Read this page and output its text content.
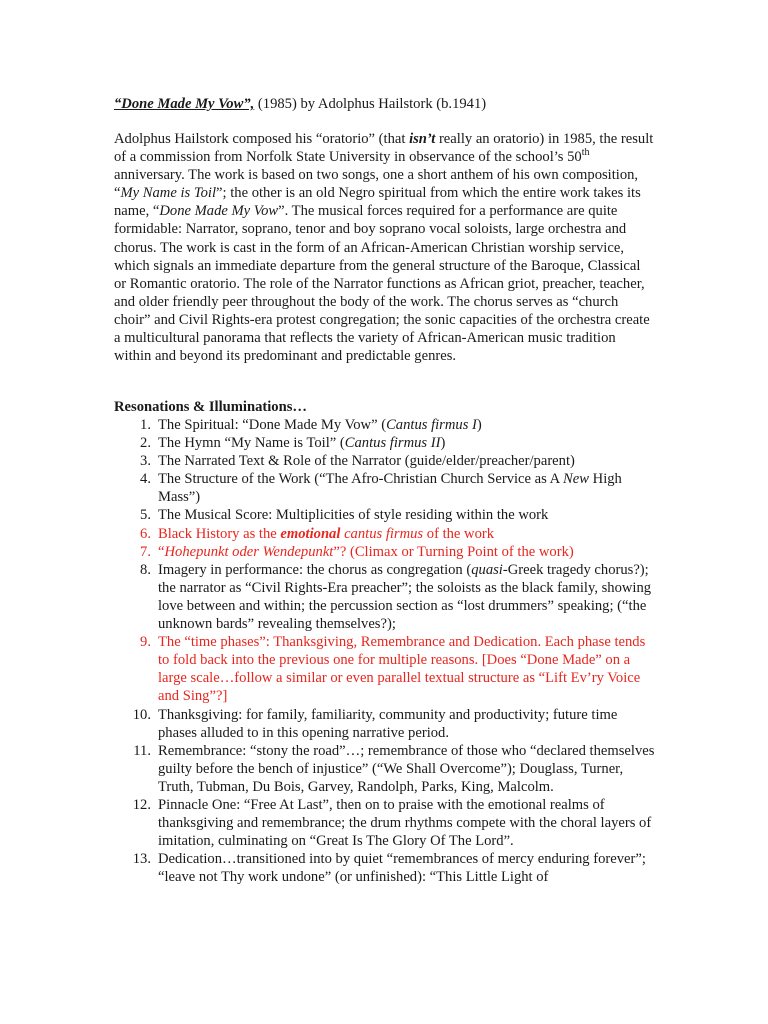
“Done Made My Vow”, (1985) by Adolphus Hailstork (b.1941)

Adolphus Hailstork composed his “oratorio” (that isn’t really an oratorio) in 1985, the result of a commission from Norfolk State University in observance of the school’s 50th anniversary. The work is based on two songs, one a short anthem of his own composition, “My Name is Toil”; the other is an old Negro spiritual from which the entire work takes its name, “Done Made My Vow”. The musical forces required for a performance are quite formidable: Narrator, soprano, tenor and boy soprano vocal soloists, large orchestra and chorus. The work is cast in the form of an African-American Christian worship service, which signals an immediate departure from the general structure of the Baroque, Classical or Romantic oratorio. The role of the Narrator functions as African griot, preacher, teacher, and older friendly peer throughout the body of the work. The chorus serves as “church choir” and Civil Rights-era protest congregation; the sonic capacities of the orchestra create a multicultural panorama that reflects the variety of African-American music tradition within and beyond its predominant and predictable genres.

Resonations & Illuminations…
1. The Spiritual: “Done Made My Vow” (Cantus firmus I)
2. The Hymn “My Name is Toil” (Cantus firmus II)
3. The Narrated Text & Role of the Narrator (guide/elder/preacher/parent)
4. The Structure of the Work (“The Afro-Christian Church Service as A New High Mass”)
5. The Musical Score: Multiplicities of style residing within the work
6. Black History as the emotional cantus firmus of the work
7. “Hohepunkt oder Wendepunkt”? (Climax or Turning Point of the work)
8. Imagery in performance: the chorus as congregation (quasi-Greek tragedy chorus?); the narrator as “Civil Rights-Era preacher”; the soloists as the black family, showing love between and within; the percussion section as “lost drummers” speaking; (“the unknown bards” revealing themselves?);
9. The “time phases”: Thanksgiving, Remembrance and Dedication. Each phase tends to fold back into the previous one for multiple reasons. [Does “Done Made” on a large scale…follow a similar or even parallel textual structure as “Lift Ev’ry Voice and Sing”?]
10. Thanksgiving: for family, familiarity, community and productivity; future time phases alluded to in this opening narrative period.
11. Remembrance: “stony the road”…; remembrance of those who “declared themselves guilty before the bench of injustice” (“We Shall Overcome”); Douglass, Turner, Truth, Tubman, Du Bois, Garvey, Randolph, Parks, King, Malcolm.
12. Pinnacle One: “Free At Last”, then on to praise with the emotional realms of thanksgiving and remembrance; the drum rhythms compete with the choral layers of imitation, culminating on “Great Is The Glory Of The Lord”.
13. Dedication…transitioned into by quiet “remembrances of mercy enduring forever”; “leave not Thy work undone” (or unfinished): “This Little Light of
